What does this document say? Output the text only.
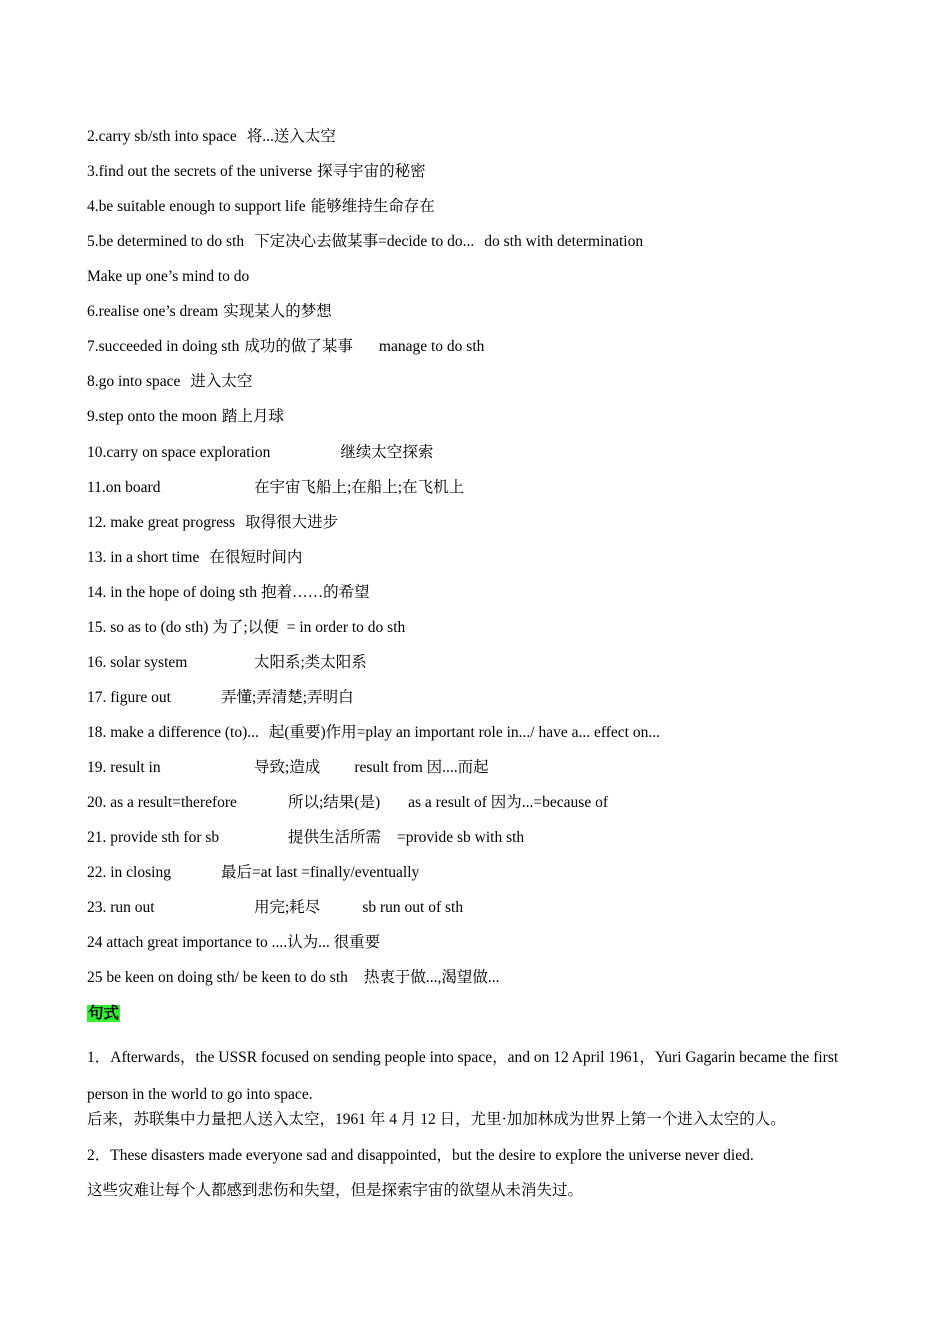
2.carry sb/sth into space 将...送入太空
3.find out the secrets of the universe 探寻宇宙的秘密
4.be suitable enough to support life 能够维持生命存在
5.be determined to do sth 下定决心去做某事=decide to do... do sth with determination
Make up one’s mind to do
6.realise one’s dream 实现某人的梦想
7.succeeded in doing sth 成功的做了某事 manage to do sth
8.go into space 进入太空
9.step onto the moon 踏上月球
10.carry on space exploration	继续太空探索
11.on board	在宇宙飞船上;在船上;在飞机上
12. make great progress 取得很大进步
13. in a short time 在很短时间内
14. in the hope of doing sth 抱着……的希望
15. so as to (do sth) 为了;以便 = in order to do sth
16. solar system	太阳系;类太阳系
17. figure out	弄懂;弄清楚;弄明白
18. make a difference (to)... 起(重要)作用=play an important role in.../ have a... effect on...
19. result in	导致;造成 result from 因....而起
20. as a result=therefore	所以;结果(是) as a result of 因为...=because of
21. provide sth for sb	提供生活所需 =provide sb with sth
22. in closing	最后=at last =finally/eventually
23. run out	用完;耗尽	sb run out of sth
24 attach great importance to ....认为... 很重要
25 be keen on doing sth/ be keen to do sth 热衷于做...,渴望做...
句式
1．Afterwards，the USSR focused on sending people into space，and on 12 April 1961，Yuri Gagarin became the first person in the world to go into space.
后来，苏联集中力量把人送入太空，1961 年 4 月 12 日，尤里·加加林成为世界上第一个进入太空的人。
2．These disasters made everyone sad and disappointed，but the desire to explore the universe never died.
这些灾难让每个人都感到悲伤和失望，但是探索宇宙的欲望从未消失过。
